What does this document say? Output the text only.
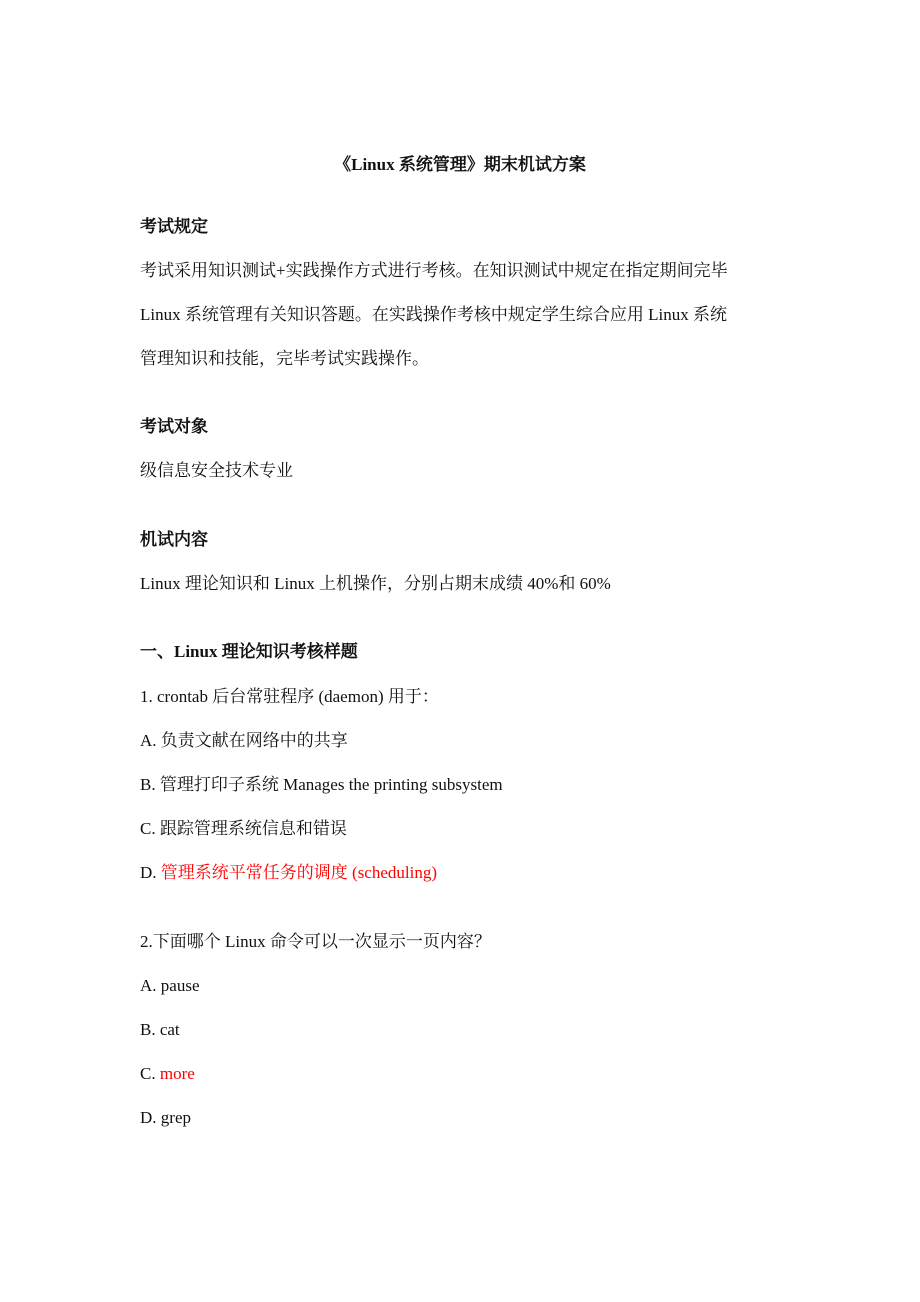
《Linux 系统管理》期末机试方案
考试规定
考试采用知识测试+实践操作方式进行考核。在知识测试中规定在指定期间完毕
Linux 系统管理有关知识答题。在实践操作考核中规定学生综合应用 Linux 系统
管理知识和技能，完毕考试实践操作。
考试对象
级信息安全技术专业
机试内容
Linux 理论知识和 Linux 上机操作，分别占期末成绩 40%和 60%
一、Linux 理论知识考核样题
1. crontab 后台常驻程序 (daemon) 用于：
A. 负责文献在网络中的共享
B. 管理打印子系统 Manages the printing subsystem
C. 跟踪管理系统信息和错误
D. 管理系统平常任务的调度 (scheduling)
2.下面哪个 Linux 命令可以一次显示一页内容？
A. pause
B. cat
C. more
D. grep
